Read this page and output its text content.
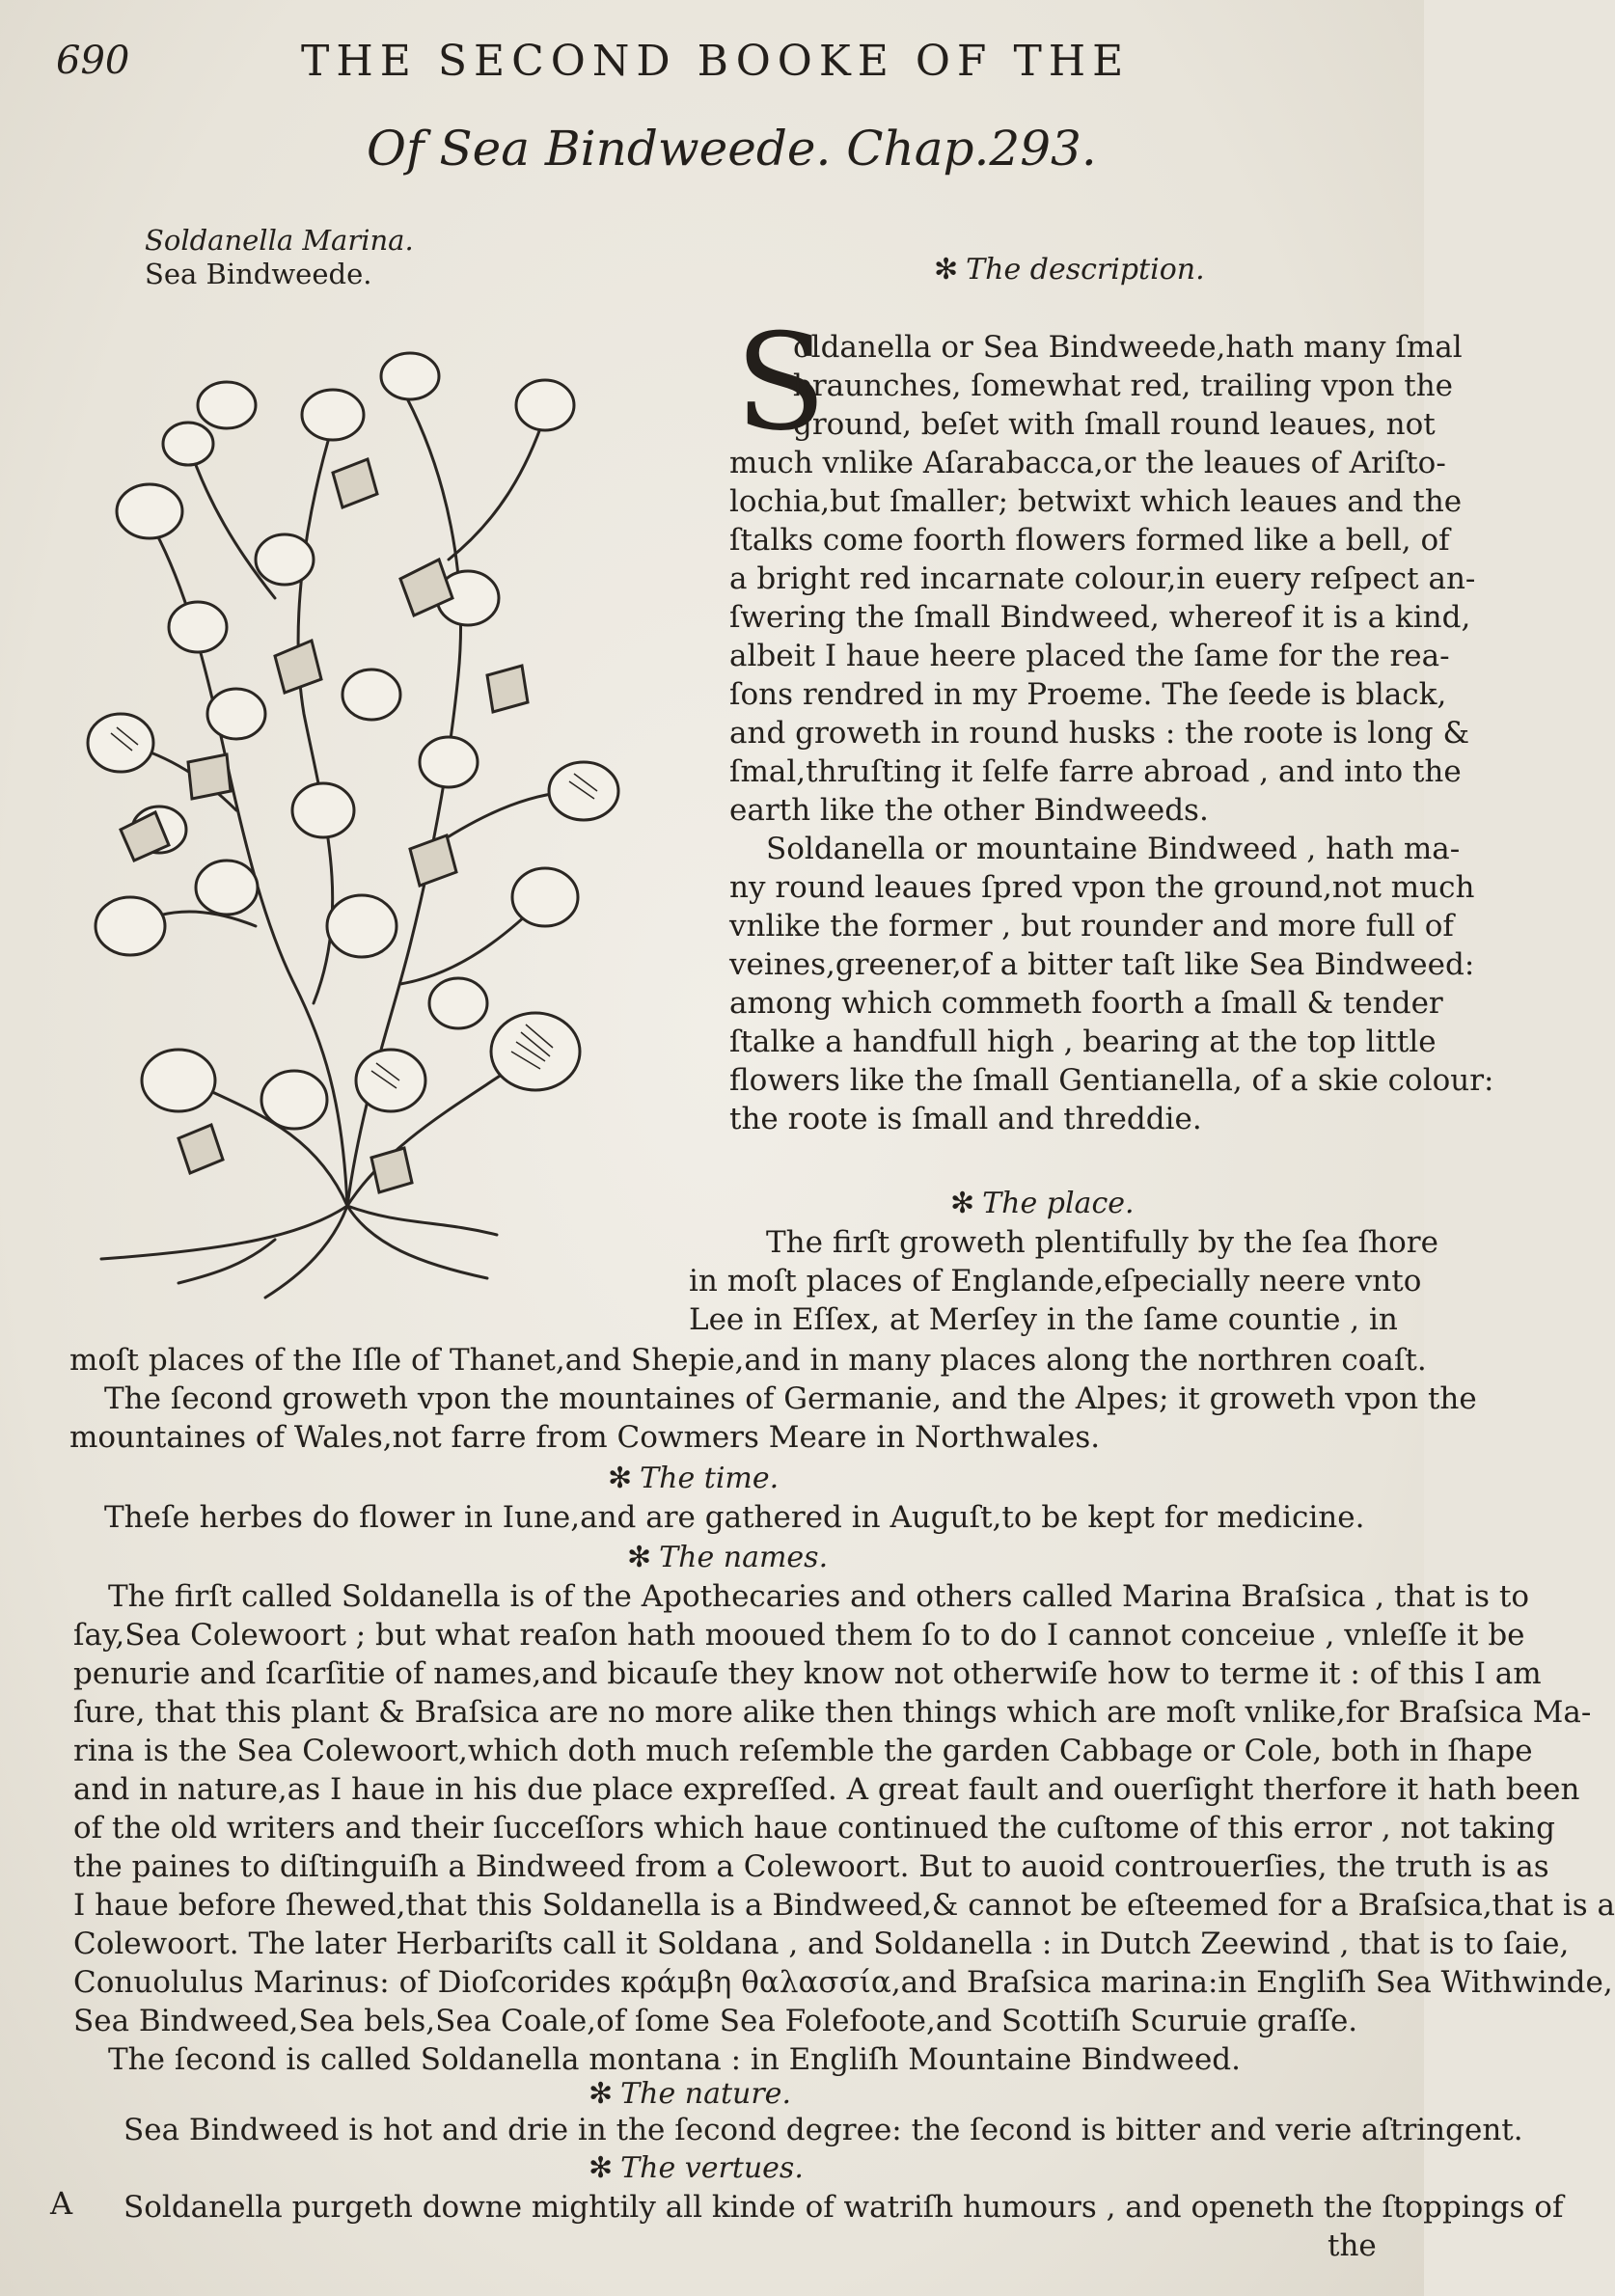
690	THE SECOND BOOKE OF THE
Of Sea Bindweede. Chap.293.
Soldanella Marina.
Sea Bindweede.	✻ The description.
S
oldanella or Sea Bindweede,hath many ſmal
braunches, ſomewhat red, trailing vpon the
ground, beſet with ſmall round leaues, not
much vnlike Aſarabacca,or the leaues of Ariſto-
lochia,but ſmaller; betwixt which leaues and the
ſtalks come foorth flowers formed like a bell, of
a bright red incarnate colour,in euery reſpect an-
ſwering the ſmall Bindweed, whereof it is a kind,
albeit I haue heere placed the ſame for the rea-
ſons rendred in my Proeme. The ſeede is black,
and groweth in round husks : the roote is long &
ſmal,thruſting it ſelfe farre abroad , and into the
earth like the other Bindweeds.
Soldanella or mountaine Bindweed , hath ma-
ny round leaues ſpred vpon the ground,not much
vnlike the former , but rounder and more full of
veines,greener,of a bitter taſt like Sea Bindweed:
among which commeth foorth a ſmall & tender
ſtalke a handfull high , bearing at the top little
flowers like the ſmall Gentianella, of a skie colour:
the roote is ſmall and threddie.
✻ The place.
The firſt groweth plentifully by the ſea ſhore
in moſt places of Englande,eſpecially neere vnto
Lee in Eſſex, at Merſey in the ſame countie , in
moſt places of the Iſle of Thanet,and Shepie,and in many places along the northren coaſt.
The ſecond groweth vpon the mountaines of Germanie, and the Alpes; it groweth vpon the
mountaines of Wales,not farre from Cowmers Meare in Northwales.
✻ The time.
Theſe herbes do flower in Iune,and are gathered in Auguſt,to be kept for medicine.
✻ The names.
The firſt called Soldanella is of the Apothecaries and others called Marina Braſsica , that is to
ſay,Sea Colewoort ; but what reaſon hath mooued them ſo to do I cannot conceiue , vnleſſe it be
penurie and ſcarſitie of names,and bicauſe they know not otherwiſe how to terme it : of this I am
ſure, that this plant & Braſsica are no more alike then things which are moſt vnlike,for Braſsica Ma-
rina is the Sea Colewoort,which doth much reſemble the garden Cabbage or Cole, both in ſhape
and in nature,as I haue in his due place expreſſed. A great fault and ouerſight therfore it hath been
of the old writers and their ſucceſſors which haue continued the cuſtome of this error , not taking
the paines to diſtinguiſh a Bindweed from a Colewoort. But to auoid controuerſies, the truth is as
I haue before ſhewed,that this Soldanella is a Bindweed,& cannot be eſteemed for a Braſsica,that is a
Colewoort. The later Herbariſts call it Soldana , and Soldanella : in Dutch Zeewind , that is to ſaie,
Conuolulus Marinus: of Dioſcorides κράμβη θαλασσία,and Braſsica marina:in Engliſh Sea Withwinde,
Sea Bindweed,Sea bels,Sea Coale,of ſome Sea Folefoote,and Scottiſh Scuruie graſſe.
The ſecond is called Soldanella montana : in Engliſh Mountaine Bindweed.
✻ The nature.
Sea Bindweed is hot and drie in the ſecond degree: the ſecond is bitter and verie aſtringent.
✻ The vertues.
A Soldanella purgeth downe mightily all kinde of watriſh humours , and openeth the ſtoppings of
the
